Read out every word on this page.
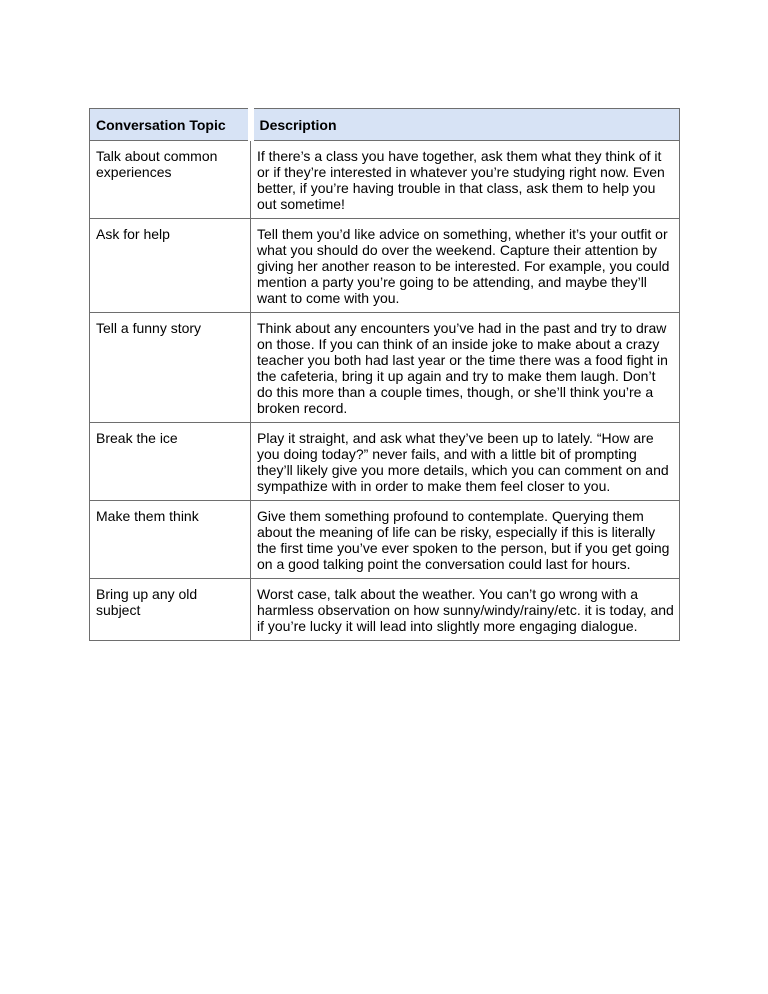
Conversation Topic	Description
Talk about common experiences	If there’s a class you have together, ask them what they think of it or if they’re interested in whatever you’re studying right now. Even better, if you’re having trouble in that class, ask them to help you out sometime!
Ask for help	Tell them you’d like advice on something, whether it’s your outfit or what you should do over the weekend. Capture their attention by giving her another reason to be interested. For example, you could mention a party you’re going to be attending, and maybe they’ll want to come with you.
Tell a funny story	Think about any encounters you’ve had in the past and try to draw on those. If you can think of an inside joke to make about a crazy teacher you both had last year or the time there was a food fight in the cafeteria, bring it up again and try to make them laugh. Don’t do this more than a couple times, though, or she’ll think you’re a broken record.
Break the ice	Play it straight, and ask what they’ve been up to lately. “How are you doing today?” never fails, and with a little bit of prompting they’ll likely give you more details, which you can comment on and sympathize with in order to make them feel closer to you.
Make them think	Give them something profound to contemplate. Querying them about the meaning of life can be risky, especially if this is literally the first time you’ve ever spoken to the person, but if you get going on a good talking point the conversation could last for hours.
Bring up any old subject	Worst case, talk about the weather. You can’t go wrong with a harmless observation on how sunny/windy/rainy/etc. it is today, and if you’re lucky it will lead into slightly more engaging dialogue.
